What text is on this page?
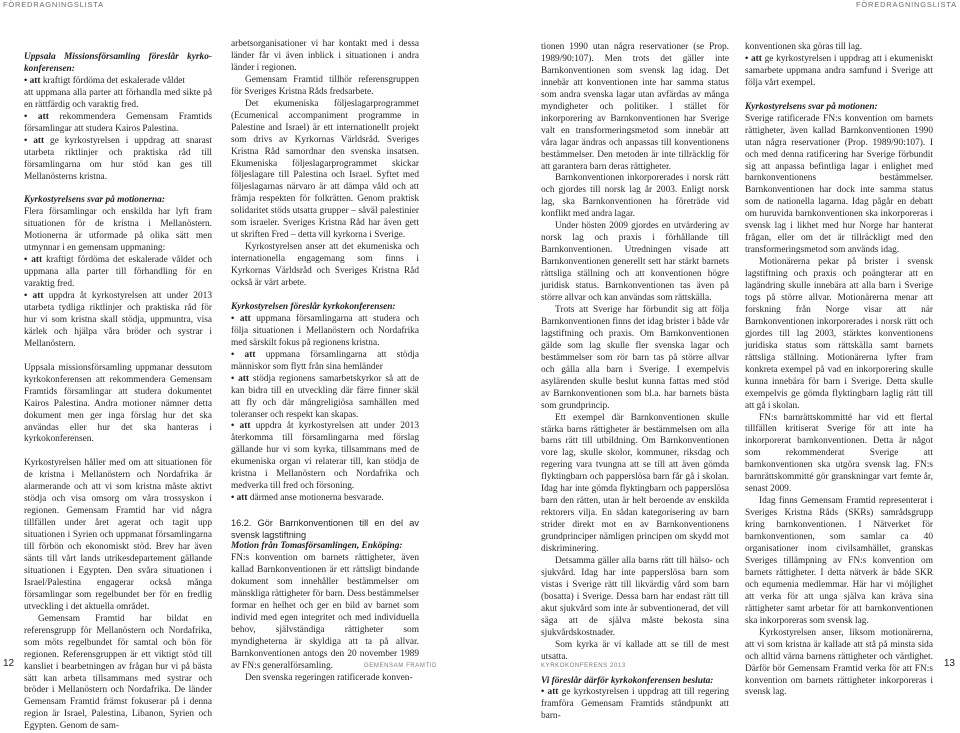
FÖREDRAGNINGSLISTA	FÖREDRAGNINGSLISTA

Uppsala Missionsförsamling föreslår kyrkokonferensen:

• att kraftigt fördöma det eskalerade våldet

att uppmana alla parter att förhandla med sikte på en rättfärdig och varaktig fred.

• att rekommendera Gemensam Framtids församlingar att studera Kairos Palestina.

• att ge kyrkostyrelsen i uppdrag att snarast utarbeta riktlinjer och praktiska råd till församlingarna om hur stöd kan ges till Mellanösterns kristna.

Kyrkostyrelsens svar på motionerna:

Flera församlingar och enskilda har lyft fram situationen för de kristna i Mellanöstern. Motionerna är utformade på olika sätt men utmynnar i en gemensam uppmaning:

• att kraftigt fördöma det eskalerade våldet och uppmana alla parter till förhandling för en varaktig fred.

• att uppdra åt kyrkostyrelsen att under 2013 utarbeta tydliga riktlinjer och praktiska råd för hur vi som kristna skall stödja, uppmuntra, visa kärlek och hjälpa våra bröder och systrar i Mellanöstern.

Uppsala missionsförsamling uppmanar dessutom kyrkokonferensen att rekommendera Gemensam Framtids församlingar att studera dokumentet Kairos Palestina. Andra motioner nämner detta dokument men ger inga förslag hur det ska användas eller hur det ska hanteras i kyrkokonferensen.

Kyrkostyrelsen håller med om att situationen för de kristna i Mellanöstern och Nordafrika är alarmerande och att vi som kristna måste aktivt stödja och visa omsorg om våra trossyskon i regionen. Gemensam Framtid har vid några tillfällen under året agerat och tagit upp situationen i Syrien och uppmanat församlingarna till förbön och ekonomiskt stöd. Brev har även sänts till vårt lands utrikesdepartement gällande situationen i Egypten. Den svåra situationen i Israel/Palestina engagerar också många församlingar som regelbundet ber för en fredlig utveckling i det aktuella området.

Gemensam Framtid har bildat en referensgrupp för Mellanöstern och Nordafrika, som möts regelbundet för samtal och bön för regionen. Referensgruppen är ett viktigt stöd till kansliet i bearbetningen av frågan hur vi på bästa sätt kan arbeta tillsammans med systrar och bröder i Mellanöstern och Nordafrika. De länder Gemensam Framtid främst fokuserar på i denna region är Israel, Palestina, Libanon, Syrien och Egypten. Genom de sam-

arbetsorganisationer vi har kontakt med i dessa länder får vi även inblick i situationen i andra länder i regionen.

Gemensam Framtid tillhör referensgruppen för Sveriges Kristna Råds fredsarbete.

Det ekumeniska följeslagarprogrammet (Ecumenical accompaniment programme in Palestine and Israel) är ett internationellt projekt som drivs av Kyrkornas Världsråd. Sveriges Kristna Råd samordnar den svenska insatsen. Ekumeniska följeslagarprogrammet skickar följeslagare till Palestina och Israel. Syftet med följeslagarnas närvaro är att dämpa våld och att främja respekten för folkrätten. Genom praktisk solidaritet stöds utsatta grupper – såväl palestinier som israeler. Sveriges Kristna Råd har även gett ut skriften Fred – detta vill kyrkorna i Sverige.

Kyrkostyrelsen anser att det ekumeniska och internationella engagemang som finns i Kyrkornas Världsråd och Sveriges Kristna Råd också är värt arbete.

Kyrkostyrelsen föreslår kyrkokonferensen:

• att uppmana församlingarna att studera och följa situationen i Mellanöstern och Nordafrika med särskilt fokus på regionens kristna.

• att uppmana församlingarna att stödja människor som flytt från sina hemländer

• att stödja regionens samarbetskyrkor så att de kan bidra till en utveckling där färre finner skäl att fly och där mångreligiösa samhällen med toleranser och respekt kan skapas.

• att uppdra åt kyrkostyrelsen att under 2013 återkomma till församlingarna med förslag gällande hur vi som kyrka, tillsammans med de ekumeniska organ vi relaterar till, kan stödja de kristna i Mellanöstern och Nordafrika och medverka till fred och försoning.

• att därmed anse motionerna besvarade.

16.2. Gör Barnkonventionen till en del av svensk lagstiftning

Motion från Tomasförsamlingen, Enköping:

FN:s konvention om barnets rättigheter, även kallad Barnkonventionen är ett rättsligt bindande dokument som innehåller bestämmelser om mänskliga rättigheter för barn. Dess bestämmelser formar en helhet och ger en bild av barnet som individ med egen integritet och med individuella behov, självständiga rättigheter som myndigheterna är skyldiga att ta på allvar. Barnkonventionen antogs den 20 november 1989 av FN:s generalförsamling.

Den svenska regeringen ratificerade konven-

tionen 1990 utan några reservationer (se Prop. 1989/90:107). Men trots det gäller inte Barnkonventionen som svensk lag idag. Det innebär att konventionen inte har samma status som andra svenska lagar utan avfärdas av många myndigheter och politiker. I stället för inkorporering av Barnkonventionen har Sverige valt en transformeringsmetod som innebär att våra lagar ändras och anpassas till konventionens bestämmelser. Den metoden är inte tillräcklig för att garantera barn deras rättigheter.

Barnkonventionen inkorporerades i norsk rätt och gjordes till norsk lag år 2003. Enligt norsk lag, ska Barnkonventionen ha företräde vid konflikt med andra lagar.

Under hösten 2009 gjordes en utvärdering av norsk lag och praxis i förhållande till Barnkonventionen. Utredningen visade att Barnkonventionen generellt sett har stärkt barnets rättsliga ställning och att konventionen högre juridisk status. Barnkonventionen tas även på större allvar och kan användas som rättskälla.

Trots att Sverige har förbundit sig att följa Barnkonventionen finns det idag brister i både vår lagstiftning och praxis. Om Barnkonventionen gälde som lag skulle fler svenska lagar och bestämmelser som rör barn tas på större allvar och gälla alla barn i Sverige. I exempelvis asylärenden skulle beslut kunna fattas med stöd av Barnkonventionen som bl.a. har barnets bästa som grundprincip.

Ett exempel där Barnkonventionen skulle stärka barns rättigheter är bestämmelsen om alla barns rätt till utbildning. Om Barnkonventionen vore lag, skulle skolor, kommuner, riksdag och regering vara tvungna att se till att även gömda flyktingbarn och papperslösa barn får gå i skolan. Idag har inte gömda flyktingbarn och papperslösa barn den rätten, utan är helt beroende av enskilda rektorers vilja. En sådan kategorisering av barn strider direkt mot en av Barnkonventionens grundprinciper nämligen principen om skydd mot diskriminering.

Detsamma gäller alla barns rätt till hälso- och sjukvård. Idag har inte papperslösa barn som vistas i Sverige rätt till likvärdig vård som barn (bosatta) i Sverige. Dessa barn har endast rätt till akut sjukvård som inte är subventionerad, det vill säga att de själva måste bekosta sina sjukvårdskostnader.

Som kyrka är vi kallade att se till de mest utsatta.

Vi föreslår därför kyrkokonferensen besluta:

• att ge kyrkostyrelsen i uppdrag att till regering framföra Gemensam Framtids ståndpunkt att barn-

konventionen ska göras till lag.

• att ge kyrkostyrelsen i uppdrag att i ekumeniskt samarbete uppmana andra samfund i Sverige att följa vårt exempel.

Kyrkostyrelsens svar på motionen:

Sverige ratificerade FN:s konvention om barnets rättigheter, även kallad Barnkonventionen 1990 utan några reservationer (Prop. 1989/90:107). I och med denna ratificering har Sverige förbundit sig att anpassa befintliga lagar i enlighet med barnkonventionens bestämmelser. Barnkonventionen har dock inte samma status som de nationella lagarna. Idag pågår en debatt om huruvida barnkonventionen ska inkorporeras i svensk lag i likhet med hur Norge har hanterat frågan, eller om det är tillräckligt med den transformeringsmetod som används idag.

Motionärerna pekar på brister i svensk lagstiftning och praxis och poängterar att en lagändring skulle innebära att alla barn i Sverige togs på större allvar. Motionärerna menar att forskning från Norge visar att när Barnkonventionen inkorporerades i norsk rätt och gjordes till lag 2003, stärktes konventionens juridiska status som rättskälla samt barnets rättsliga ställning. Motionärerna lyfter fram konkreta exempel på vad en inkorporering skulle kunna innebära för barn i Sverige. Detta skulle exempelvis ge gömda flyktingbarn laglig rätt till att gå i skolan.

FN:s barnrättskommitté har vid ett flertal tillfällen kritiserat Sverige för att inte ha inkorporerat barnkonventionen. Detta är något som rekommenderat Sverige att barnkonventionen ska utgöra svensk lag. FN:s barnrättskommitté gör granskningar vart femte år, senast 2009.

Idag finns Gemensam Framtid representerat i Sveriges Kristna Råds (SKRs) samrådsgrupp kring barnkonventionen. I Nätverket för barnkonventionen, som samlar ca 40 organisationer inom civilsamhället, granskas Sveriges tillämpning av FN:s konvention om barnets rättigheter. I detta nätverk är både SKR och equmenia medlemmar. Här har vi möjlighet att verka för att unga själva kan kräva sina rättigheter samt arbetar för att barnkonventionen ska inkorporeras som svensk lag.

Kyrkostyrelsen anser, liksom motionärerna, att vi som kristna är kallade att stå på minsta sida och alltid värna barnens rättigheter och värdighet. Därför bör Gemensam Framtid verka för att FN:s konvention om barnets rättigheter inkorporeras i svensk lag.

12	GEMENSAM FRAMTID	KYRKOKONFERENS 2013	13
